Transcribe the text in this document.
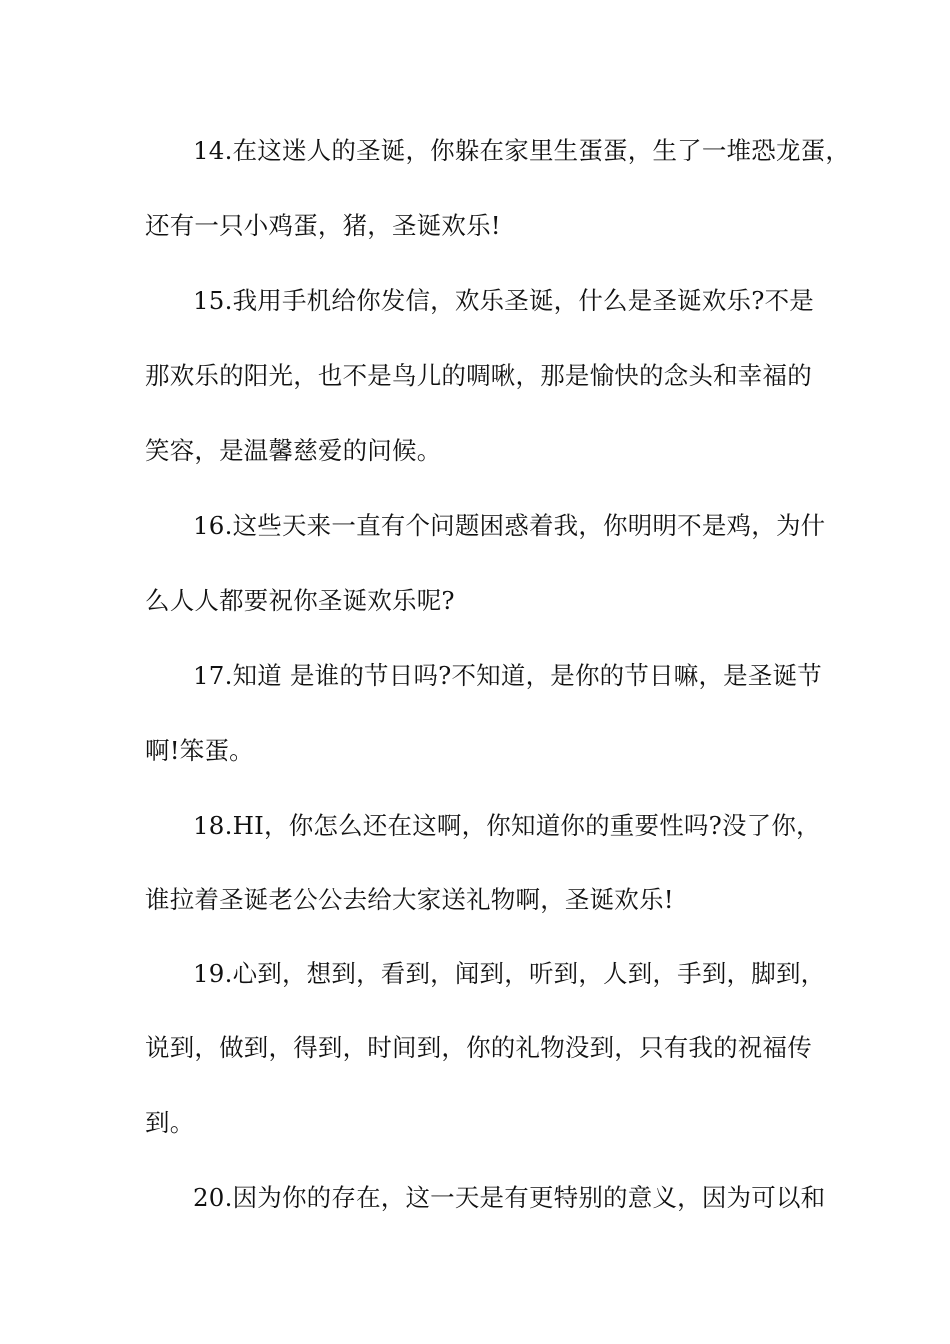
14.在这迷人的圣诞，你躲在家里生蛋蛋，生了一堆恐龙蛋，
还有一只小鸡蛋，猪，圣诞欢乐!
15.我用手机给你发信，欢乐圣诞，什么是圣诞欢乐?不是
那欢乐的阳光，也不是鸟儿的啁啾，那是愉快的念头和幸福的
笑容，是温馨慈爱的问候。
16.这些天来一直有个问题困惑着我，你明明不是鸡，为什
么人人都要祝你圣诞欢乐呢?
17.知道 是谁的节日吗?不知道，是你的节日嘛，是圣诞节
啊!笨蛋。
18.HI，你怎么还在这啊，你知道你的重要性吗?没了你，
谁拉着圣诞老公公去给大家送礼物啊，圣诞欢乐!
19.心到，想到，看到，闻到，听到，人到，手到，脚到，
说到，做到，得到，时间到，你的礼物没到，只有我的祝福传
到。
20.因为你的存在，这一天是有更特别的意义，因为可以和
